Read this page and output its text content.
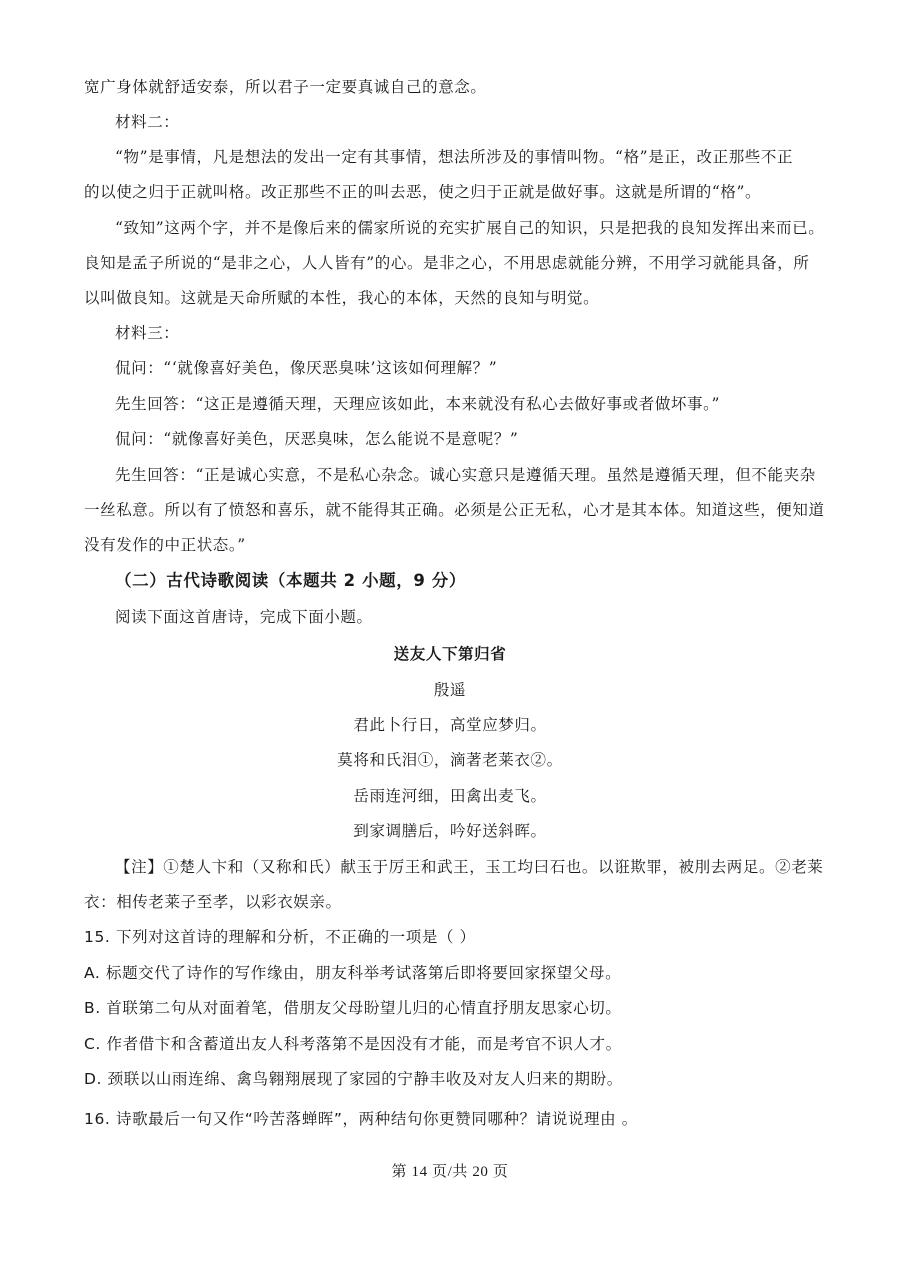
宽广身体就舒适安泰，所以君子一定要真诚自己的意念。
材料二：
“物”是事情，凡是想法的发出一定有其事情，想法所涉及的事情叫物。“格”是正，改正那些不正
的以使之归于正就叫格。改正那些不正的叫去恶，使之归于正就是做好事。这就是所谓的“格”。
“致知”这两个字，并不是像后来的儒家所说的充实扩展自己的知识，只是把我的良知发挥出来而已。
良知是孟子所说的“是非之心，人人皆有”的心。是非之心，不用思虑就能分辨，不用学习就能具备，所
以叫做良知。这就是天命所赋的本性，我心的本体，天然的良知与明觉。
材料三：
侃问：“‘就像喜好美色，像厌恶臭味’这该如何理解？”
先生回答：“这正是遵循天理，天理应该如此，本来就没有私心去做好事或者做坏事。”
侃问：“就像喜好美色，厌恶臭味，怎么能说不是意呢？”
先生回答：“正是诚心实意，不是私心杂念。诚心实意只是遵循天理。虽然是遵循天理，但不能夹杂
一丝私意。所以有了愤怒和喜乐，就不能得其正确。必须是公正无私，心才是其本体。知道这些，便知道
没有发作的中正状态。”
（二）古代诗歌阅读（本题共 2 小题，9 分）
阅读下面这首唐诗，完成下面小题。
送友人下第归省
殷遥
君此卜行日，高堂应梦归。
莫将和氏泪①，滴著老莱衣②。
岳雨连河细，田禽出麦飞。
到家调膳后，吟好送斜晖。
【注】①楚人卞和（又称和氏）献玉于厉王和武王，玉工均曰石也。以诳欺罪，被刖去两足。②老莱
衣：相传老莱子至孝，以彩衣娱亲。
15. 下列对这首诗的理解和分析，不正确的一项是（ ）
A. 标题交代了诗作的写作缘由，朋友科举考试落第后即将要回家探望父母。
B. 首联第二句从对面着笔，借朋友父母盼望儿归的心情直抒朋友思家心切。
C. 作者借卞和含蓄道出友人科考落第不是因没有才能，而是考官不识人才。
D. 颈联以山雨连绵、禽鸟翱翔展现了家园的宁静丰收及对友人归来的期盼。
16. 诗歌最后一句又作“吟苦落蝉晖”，两种结句你更赞同哪种？请说说理由 。
第 14 页/共 20 页
